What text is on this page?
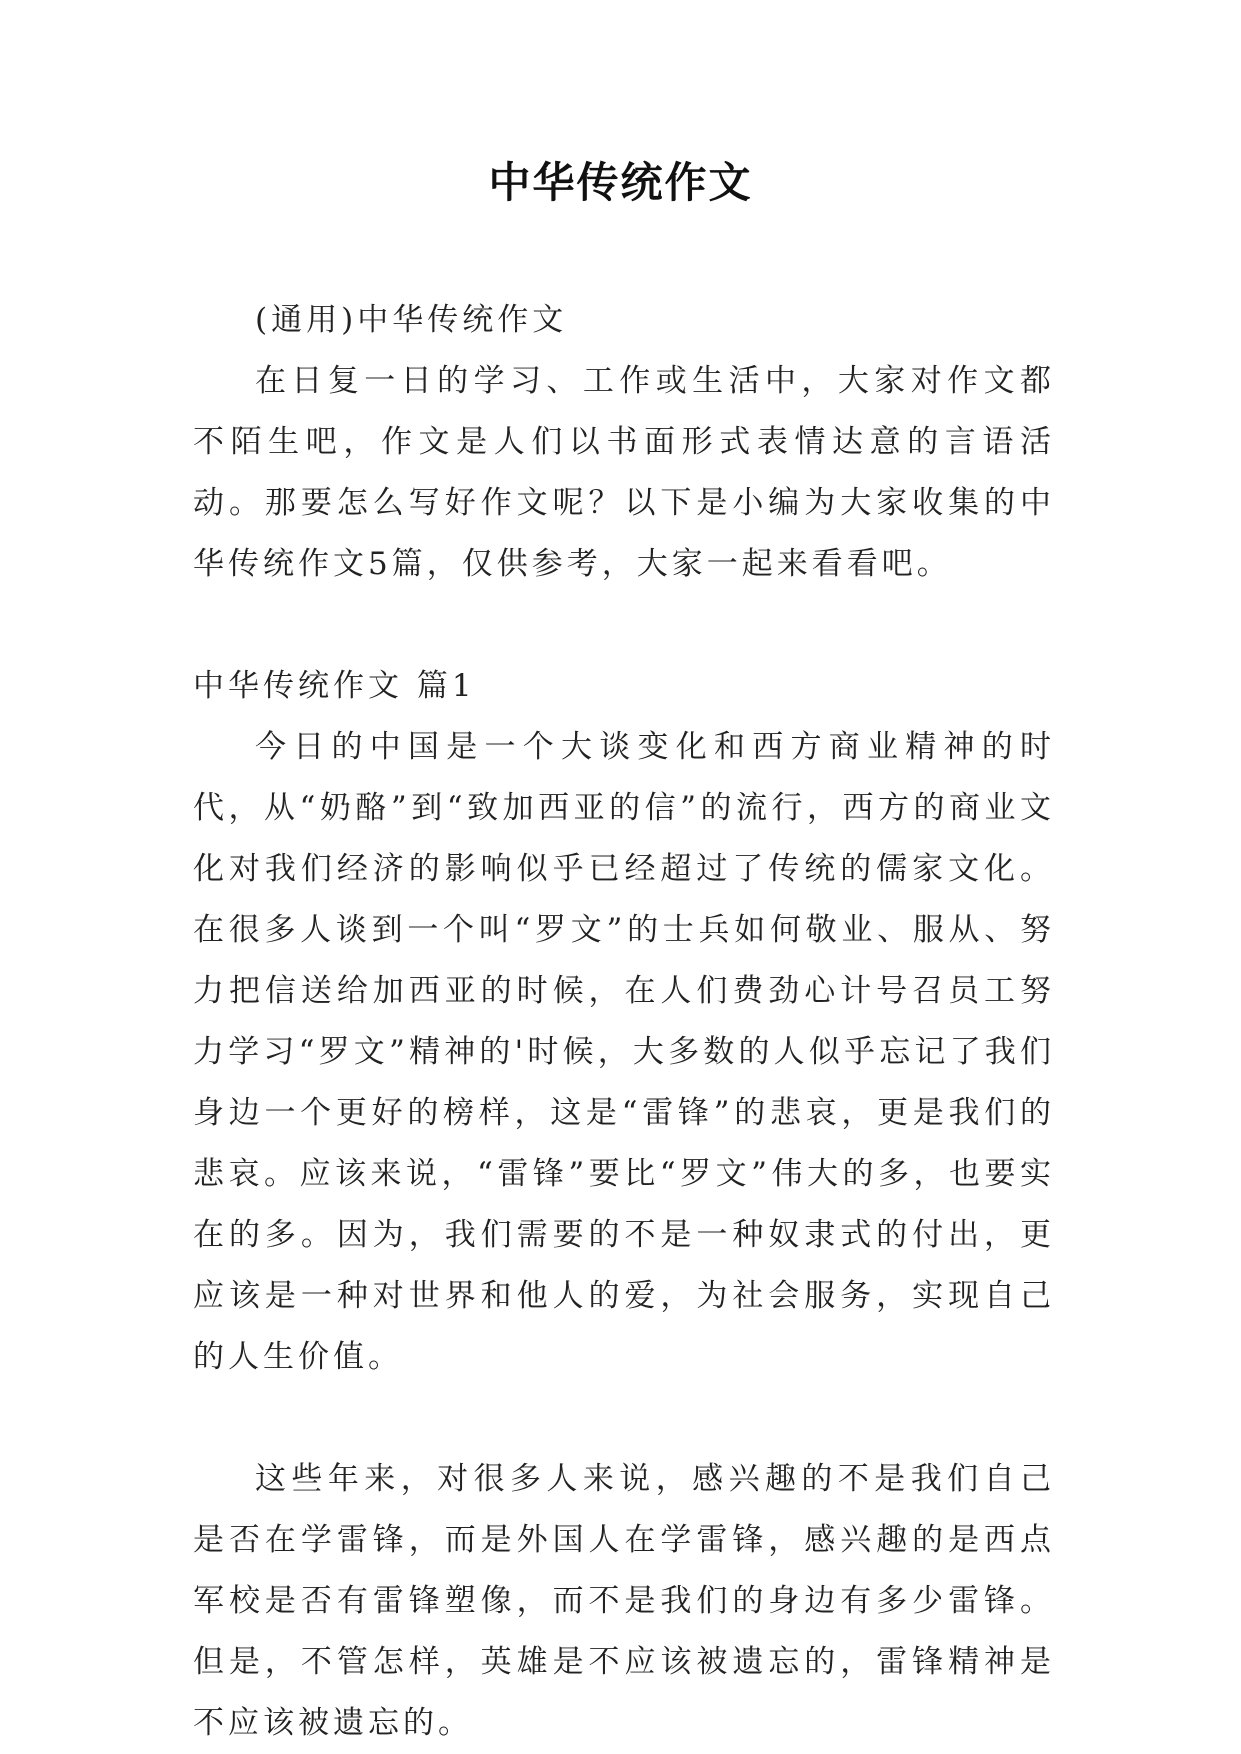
中华传统作文

(通用)中华传统作文

在日复一日的学习、工作或生活中，大家对作文都不陌生吧，作文是人们以书面形式表情达意的言语活动。那要怎么写好作文呢？以下是小编为大家收集的中华传统作文5篇，仅供参考，大家一起来看看吧。

中华传统作文 篇1

今日的中国是一个大谈变化和西方商业精神的时代，从“奶酪”到“致加西亚的信”的流行，西方的商业文化对我们经济的影响似乎已经超过了传统的儒家文化。在很多人谈到一个叫“罗文”的士兵如何敬业、服从、努力把信送给加西亚的时候，在人们费劲心计号召员工努力学习“罗文”精神的'时候，大多数的人似乎忘记了我们身边一个更好的榜样，这是“雷锋”的悲哀，更是我们的悲哀。应该来说，“雷锋”要比“罗文”伟大的多，也要实在的多。因为，我们需要的不是一种奴隶式的付出，更应该是一种对世界和他人的爱，为社会服务，实现自己的人生价值。

这些年来，对很多人来说，感兴趣的不是我们自己是否在学雷锋，而是外国人在学雷锋，感兴趣的是西点军校是否有雷锋塑像，而不是我们的身边有多少雷锋。但是，不管怎样，英雄是不应该被遗忘的，雷锋精神是不应该被遗忘的。
